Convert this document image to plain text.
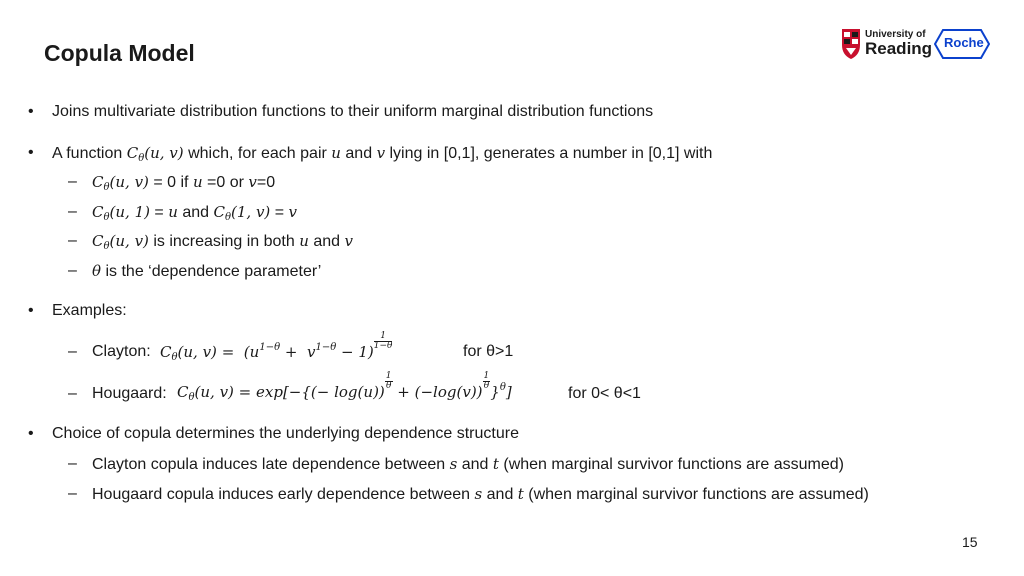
Copula Model
University of
Reading Roche
• Joins multivariate distribution functions to their uniform marginal distribution functions
• A function $C_\theta(u$, v) which, for each pair u and v lying in [0,1], generates a number in [0,1] with
– $C_\theta(u$, v) = 0 if u =0 or v=0
– $C_\theta(u$, 1) = u and $C_\theta(1$, v) = v
– $C_\theta(u$, v) is increasing in both u and v
– θ is the ‘dependence parameter’
• Examples:
– Clayton: $C_\theta(u$, $v) = (u^{1-\theta} + v^{1-\theta} - 1)$
$\frac{1}{1-\theta}$
for θ>1
– Hougaard: $C_\theta(u$, v) = exp[−{(− log(u))
$\frac{1}{\theta}$
+ (−log(v))
$\frac{1}{\theta}$
}$^\theta$]	for 0< θ<1
• Choice of copula determines the underlying dependence structure
– Clayton copula induces late dependence between s and t (when marginal survivor functions are assumed)
– Hougaard copula induces early dependence between s and t (when marginal survivor functions are assumed)
15
